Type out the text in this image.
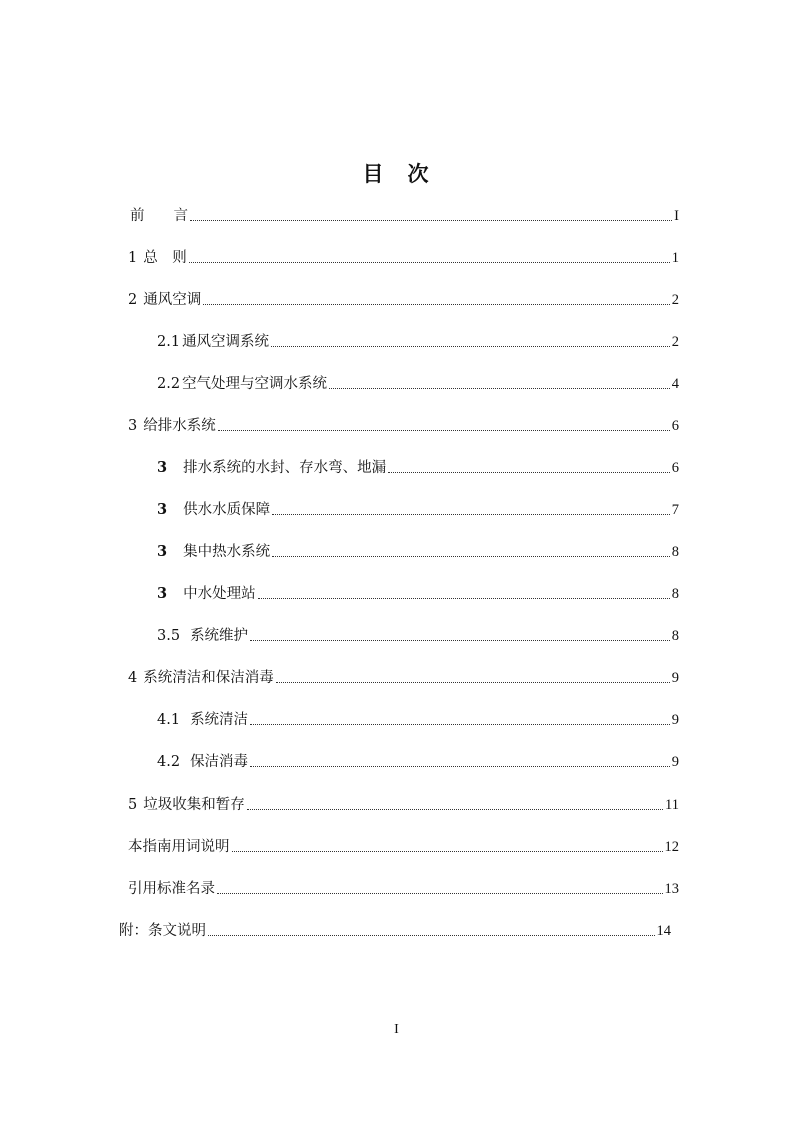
目 次
前　　言	I
1 总　则	1
2 通风空调	2
2.1 通风空调系统	2
2.2 空气处理与空调水系统	4
3 给排水系统	6
3 排水系统的水封、存水弯、地漏	6
3 供水水质保障	7
3 集中热水系统	8
3 中水处理站	8
3.5 系统维护	8
4 系统清洁和保洁消毒	9
4.1 系统清洁	9
4.2 保洁消毒	9
5 垃圾收集和暂存	11
本指南用词说明	12
引用标准名录	13
附：条文说明	14
I
